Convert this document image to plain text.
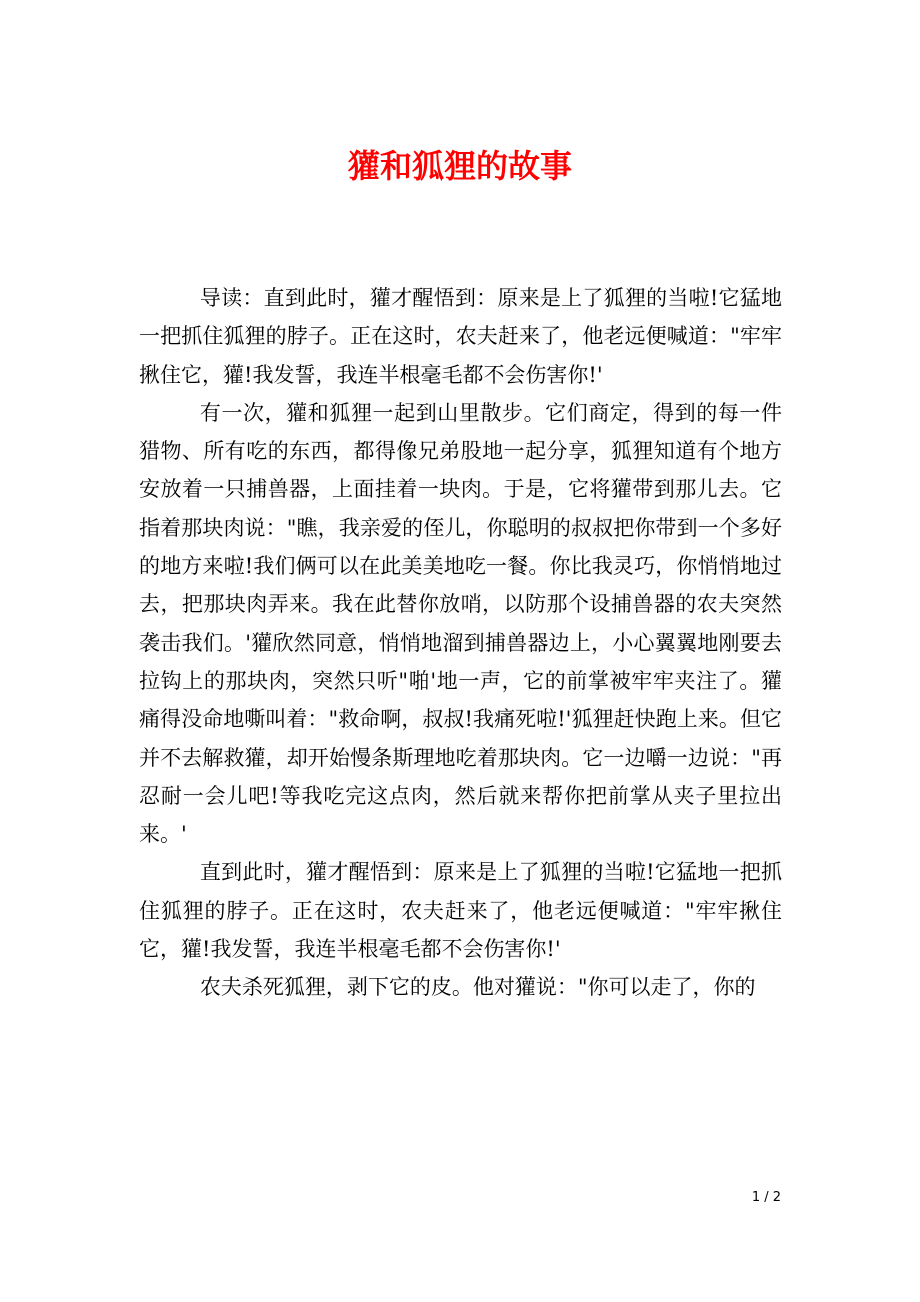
獾和狐狸的故事

导读：直到此时，獾才醒悟到：原来是上了狐狸的当啦!它猛地一把抓住狐狸的脖子。正在这时，农夫赶来了，他老远便喊道："牢牢揪住它，獾!我发誓，我连半根毫毛都不会伤害你!'

有一次，獾和狐狸一起到山里散步。它们商定，得到的每一件猎物、所有吃的东西，都得像兄弟股地一起分享，狐狸知道有个地方安放着一只捕兽器，上面挂着一块肉。于是，它将獾带到那儿去。它指着那块肉说："瞧，我亲爱的侄儿，你聪明的叔叔把你带到一个多好的地方来啦!我们俩可以在此美美地吃一餐。你比我灵巧，你悄悄地过去，把那块肉弄来。我在此替你放哨，以防那个设捕兽器的农夫突然袭击我们。'獾欣然同意，悄悄地溜到捕兽器边上，小心翼翼地刚要去拉钩上的那块肉，突然只听"啪'地一声，它的前掌被牢牢夹注了。獾痛得没命地嘶叫着："救命啊，叔叔!我痛死啦!'狐狸赶快跑上来。但它并不去解救獾，却开始慢条斯理地吃着那块肉。它一边嚼一边说："再忍耐一会儿吧!等我吃完这点肉，然后就来帮你把前掌从夹子里拉出来。'

直到此时，獾才醒悟到：原来是上了狐狸的当啦!它猛地一把抓住狐狸的脖子。正在这时，农夫赶来了，他老远便喊道："牢牢揪住它，獾!我发誓，我连半根毫毛都不会伤害你!'

农夫杀死狐狸，剥下它的皮。他对獾说："你可以走了，你的

1 / 2
